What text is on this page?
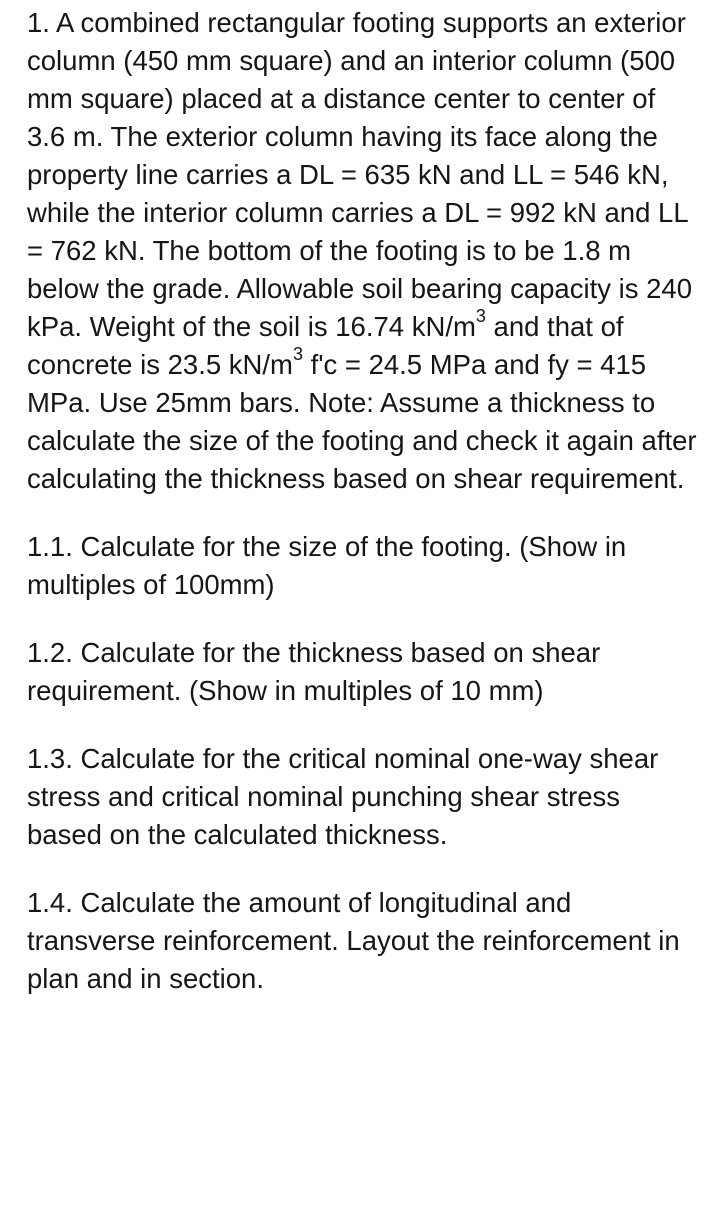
1. A combined rectangular footing supports an exterior column (450 mm square) and an interior column (500 mm square) placed at a distance center to center of 3.6 m. The exterior column having its face along the property line carries a DL = 635 kN and LL = 546 kN, while the interior column carries a DL = 992 kN and LL = 762 kN. The bottom of the footing is to be 1.8 m below the grade. Allowable soil bearing capacity is 240 kPa. Weight of the soil is 16.74 $kN/m^3$ and that of concrete is 23.5 $kN/m^3$ f'c = 24.5 MPa and fy = 415 MPa. Use 25mm bars. Note: Assume a thickness to calculate the size of the footing and check it again after calculating the thickness based on shear requirement.

1.1. Calculate for the size of the footing. (Show in multiples of 100mm)

1.2. Calculate for the thickness based on shear requirement. (Show in multiples of 10 mm)

1.3. Calculate for the critical nominal one-way shear stress and critical nominal punching shear stress based on the calculated thickness.

1.4. Calculate the amount of longitudinal and transverse reinforcement. Layout the reinforcement in plan and in section.
